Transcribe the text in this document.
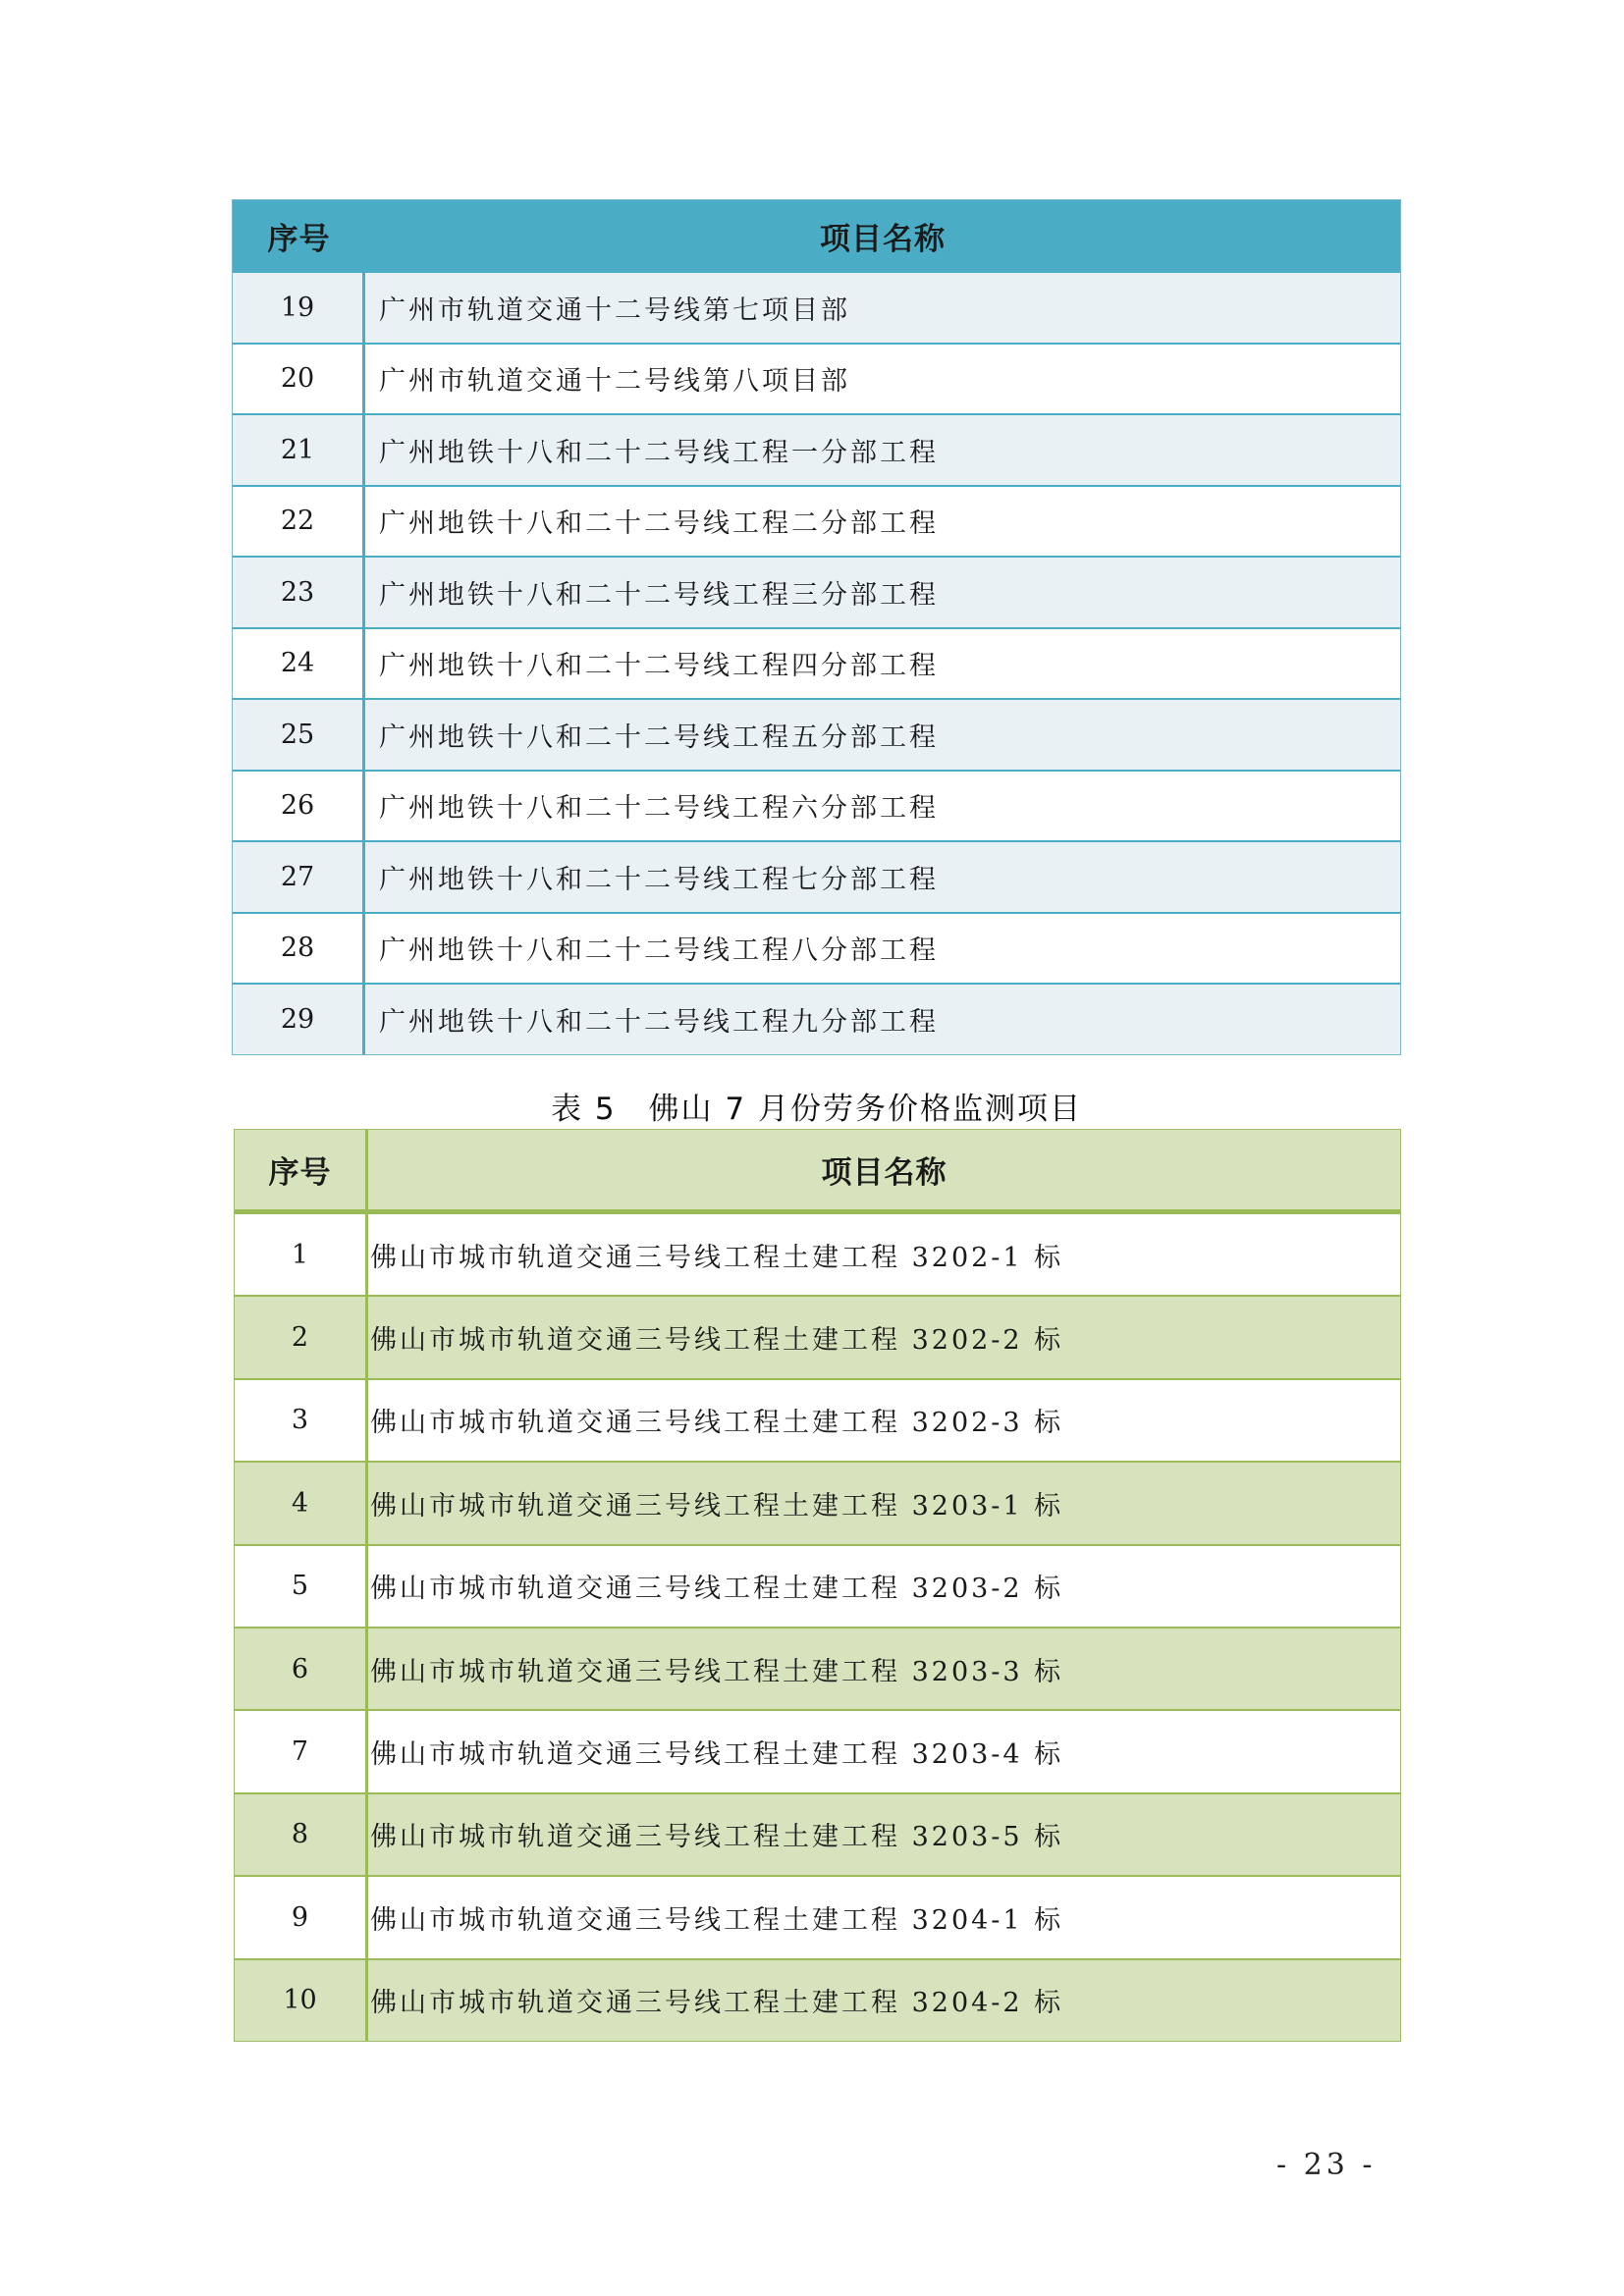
序号	项目名称
19	广州市轨道交通十二号线第七项目部
20	广州市轨道交通十二号线第八项目部
21	广州地铁十八和二十二号线工程一分部工程
22	广州地铁十八和二十二号线工程二分部工程
23	广州地铁十八和二十二号线工程三分部工程
24	广州地铁十八和二十二号线工程四分部工程
25	广州地铁十八和二十二号线工程五分部工程
26	广州地铁十八和二十二号线工程六分部工程
27	广州地铁十八和二十二号线工程七分部工程
28	广州地铁十八和二十二号线工程八分部工程
29	广州地铁十八和二十二号线工程九分部工程
表 5　佛山 7 月份劳务价格监测项目
序号	项目名称
1	佛山市城市轨道交通三号线工程土建工程 3202-1 标
2	佛山市城市轨道交通三号线工程土建工程 3202-2 标
3	佛山市城市轨道交通三号线工程土建工程 3202-3 标
4	佛山市城市轨道交通三号线工程土建工程 3203-1 标
5	佛山市城市轨道交通三号线工程土建工程 3203-2 标
6	佛山市城市轨道交通三号线工程土建工程 3203-3 标
7	佛山市城市轨道交通三号线工程土建工程 3203-4 标
8	佛山市城市轨道交通三号线工程土建工程 3203-5 标
9	佛山市城市轨道交通三号线工程土建工程 3204-1 标
10	佛山市城市轨道交通三号线工程土建工程 3204-2 标
- 23 -
